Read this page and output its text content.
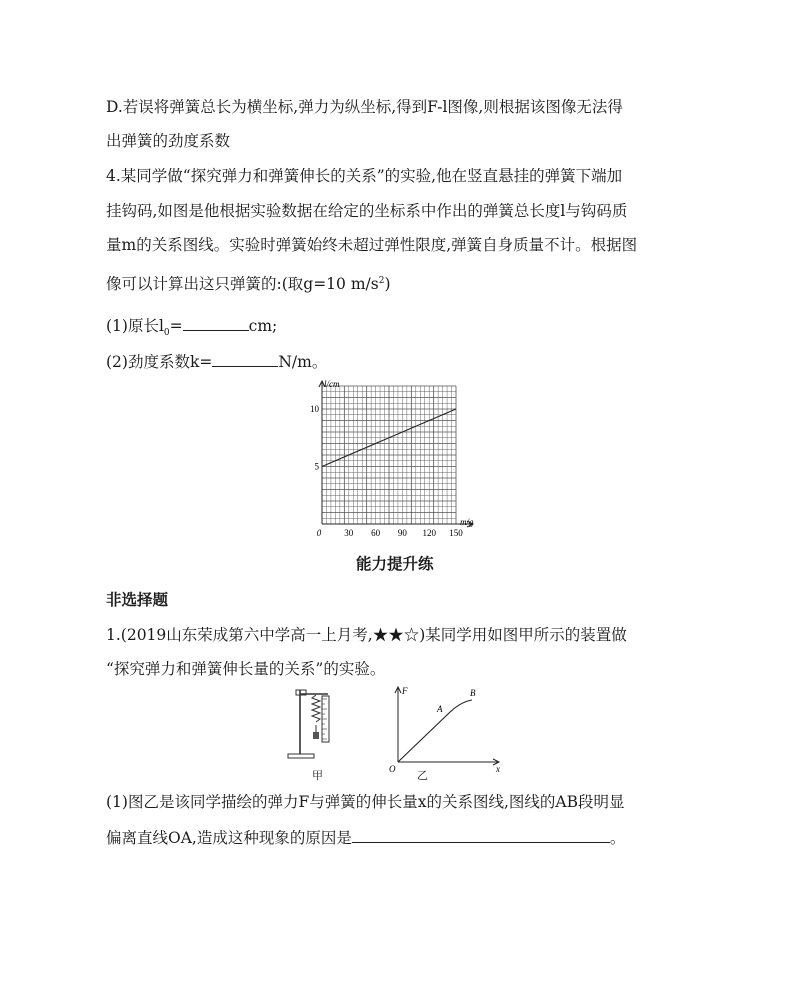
D.若误将弹簧总长为横坐标,弹力为纵坐标,得到F-l图像,则根据该图像无法得
出弹簧的劲度系数
4.某同学做“探究弹力和弹簧伸长的关系”的实验,他在竖直悬挂的弹簧下端加
挂钩码,如图是他根据实验数据在给定的坐标系中作出的弹簧总长度l与钩码质
量m的关系图线。实验时弹簧始终未超过弹性限度,弹簧自身质量不计。根据图
像可以计算出这只弹簧的:(取g=10 $m/s^2$)
(1)原长$l_0=$	cm;
(2)劲度系数k=	N/m。
0	30 60 90 120 150
5
10
l/cm
m/g
能力提升练
非选择题
1.(2019山东荣成第六中学高一上月考,★★☆)某同学用如图甲所示的装置做
“探究弹力和弹簧伸长量的关系”的实验。
甲
F
x
O
A
B
乙
(1)图乙是该同学描绘的弹力F与弹簧的伸长量x的关系图线,图线的AB段明显
偏离直线OA,造成这种现象的原因是	。
